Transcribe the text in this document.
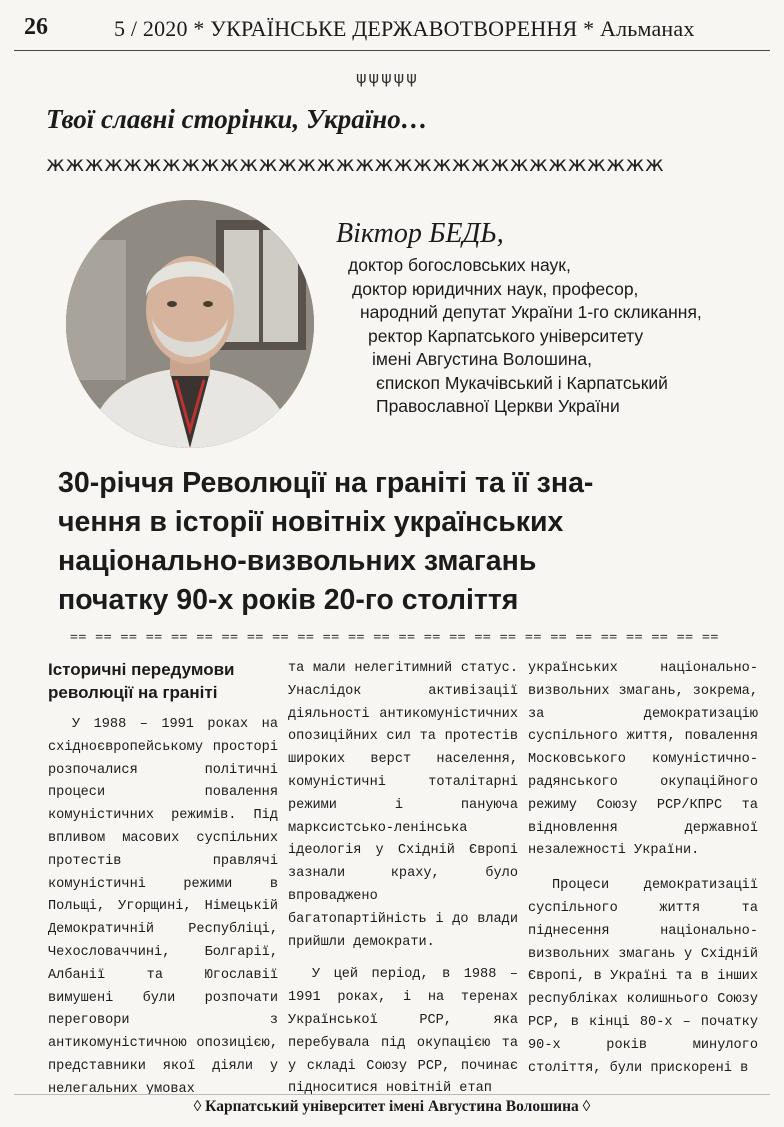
26	5 / 2020 * УКРАЇНСЬКЕ ДЕРЖАВОТВОРЕННЯ * Альманах
ψψψψψ
Твої славні сторінки, Україно…
жжжжжжжжжжжжжжжжжжжжжжжжжжжжжжжж
Віктор БЕДЬ,
доктор богословських наук,
доктор юридичних наук, професор,
народний депутат України 1-го скликання,
ректор Карпатського університету
імені Августина Волошина,
єпископ Мукачівський і Карпатський
Православної Церкви України
30-річчя Революції на граніті та її зна-
чення в історії новітніх українських
національно-визвольних змагань
початку 90-х років 20-го століття
== == == == == == == == == == == == == == == == == == == == == == == == == ==

Історичні передумови революції на граніті

У 1988 – 1991 роках на східноєвропейському просторі розпочалися політичні процеси повалення комуністичних режимів. Під впливом масових суспільних протестів правлячі комуністичні режими в Польщі, Угорщині, Німецькій Демократичній Республіці, Чехословаччині, Болгарії, Албанії та Югославії вимушені були розпочати переговори з антикомуністичною опозицією, представники якої діяли у нелегальних умовах

та мали нелегітимний статус. Унаслідок активізації діяльності антикомуністичних опозиційних сил та протестів широких верст населення, комуністичні тоталітарні режими і пануюча марксистсько-ленінська ідеологія у Східній Європі зазнали краху, було впроваджено багатопартійність і до влади прийшли демократи.

У цей період, в 1988 – 1991 роках, і на теренах Української РСР, яка перебувала під окупацією та у складі Союзу РСР, починає підноситися новітній етап

українських національно-визвольних змагань, зокрема, за демократизацію суспільного життя, повалення Московського комуністично-радянського окупаційного режиму Союзу РСР/КПРС та відновлення державної незалежності України.

Процеси демократизації суспільного життя та піднесення національно-визвольних змагань у Східній Європі, в Україні та в інших республіках колишнього Союзу РСР, в кінці 80-х – початку 90-х років минулого століття, були прискорені в

◊ Карпатський університет імені Августина Волошина ◊
